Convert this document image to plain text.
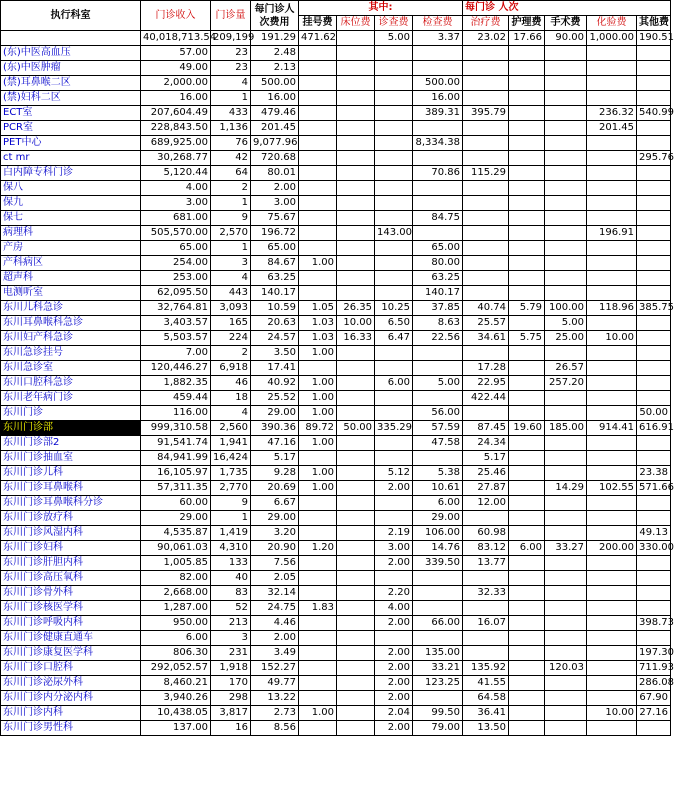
执行科室	门诊收入	门诊量	每门诊人次费用	其中:				每门诊 人次				
				挂号费	床位费	诊查费	检查费	治疗费	护理费	手术费	化验费	其他费
	40,018,713.54	209,199	191.29	471.62		5.00	3.37	23.02	17.66	90.00	1,000.00	190.51
(东)中医高血压	57.00	23	2.48									
(东)中医肿瘤	49.00	23	2.13									
(禁)耳鼻喉二区	2,000.00	4	500.00				500.00					
(禁)妇科二区	16.00	1	16.00				16.00					
ECT室	207,604.49	433	479.46				389.31	395.79			236.32	540.99
PCR室	228,843.50	1,136	201.45								201.45	
PET中心	689,925.00	76	9,077.96				8,334.38					
ct mr	30,268.77	42	720.68									295.76
白内障专科门诊	5,120.44	64	80.01				70.86	115.29				
保八	4.00	2	2.00									
保九	3.00	1	3.00									
保七	681.00	9	75.67				84.75					
病理科	505,570.00	2,570	196.72			143.00					196.91	
产房	65.00	1	65.00				65.00					
产科病区	254.00	3	84.67	1.00			80.00					
超声科	253.00	4	63.25				63.25					
电测听室	62,095.50	443	140.17				140.17					
东川儿科急诊	32,764.81	3,093	10.59	1.05	26.35	10.25	37.85	40.74	5.79	100.00	118.96	385.75
东川耳鼻喉科急诊	3,403.57	165	20.63	1.03	10.00	6.50	8.63	25.57		5.00		
东川妇产科急诊	5,503.57	224	24.57	1.03	16.33	6.47	22.56	34.61	5.75	25.00	10.00	
东川急诊挂号	7.00	2	3.50	1.00								
东川急诊室	120,446.27	6,918	17.41					17.28		26.57		
东川口腔科急诊	1,882.35	46	40.92	1.00		6.00	5.00	22.95		257.20		
东川老年病门诊	459.44	18	25.52	1.00				422.44				
东川门诊	116.00	4	29.00	1.00			56.00					50.00
东川门诊部	999,310.58	2,560	390.36	89.72	50.00	335.29	57.59	87.45	19.60	185.00	914.41	616.91
东川门诊部2	91,541.74	1,941	47.16	1.00			47.58	24.34				
东川门诊抽血室	84,941.99	16,424	5.17					5.17				
东川门诊儿科	16,105.97	1,735	9.28	1.00		5.12	5.38	25.46				23.38
东川门诊耳鼻喉科	57,311.35	2,770	20.69	1.00		2.00	10.61	27.87		14.29	102.55	571.66
东川门诊耳鼻喉科分诊	60.00	9	6.67				6.00	12.00				
东川门诊放疗科	29.00	1	29.00				29.00					
东川门诊风湿内科	4,535.87	1,419	3.20			2.19	106.00	60.98				49.13
东川门诊妇科	90,061.03	4,310	20.90	1.20		3.00	14.76	83.12	6.00	33.27	200.00	330.00
东川门诊肝胆内科	1,005.85	133	7.56			2.00	339.50	13.77				
东川门诊高压氧科	82.00	40	2.05									
东川门诊骨外科	2,668.00	83	32.14			2.20		32.33				
东川门诊核医学科	1,287.00	52	24.75	1.83		4.00						
东川门诊呼吸内科	950.00	213	4.46			2.00	66.00	16.07				398.73
东川门诊健康直通车	6.00	3	2.00									
东川门诊康复医学科	806.30	231	3.49			2.00	135.00					197.30
东川门诊口腔科	292,052.57	1,918	152.27			2.00	33.21	135.92		120.03		711.93
东川门诊泌尿外科	8,460.21	170	49.77			2.00	123.25	41.55				286.08
东川门诊内分泌内科	3,940.26	298	13.22			2.00		64.58				67.90
东川门诊内科	10,438.05	3,817	2.73	1.00		2.04	99.50	36.41			10.00	27.16
东川门诊男性科	137.00	16	8.56			2.00	79.00	13.50				
